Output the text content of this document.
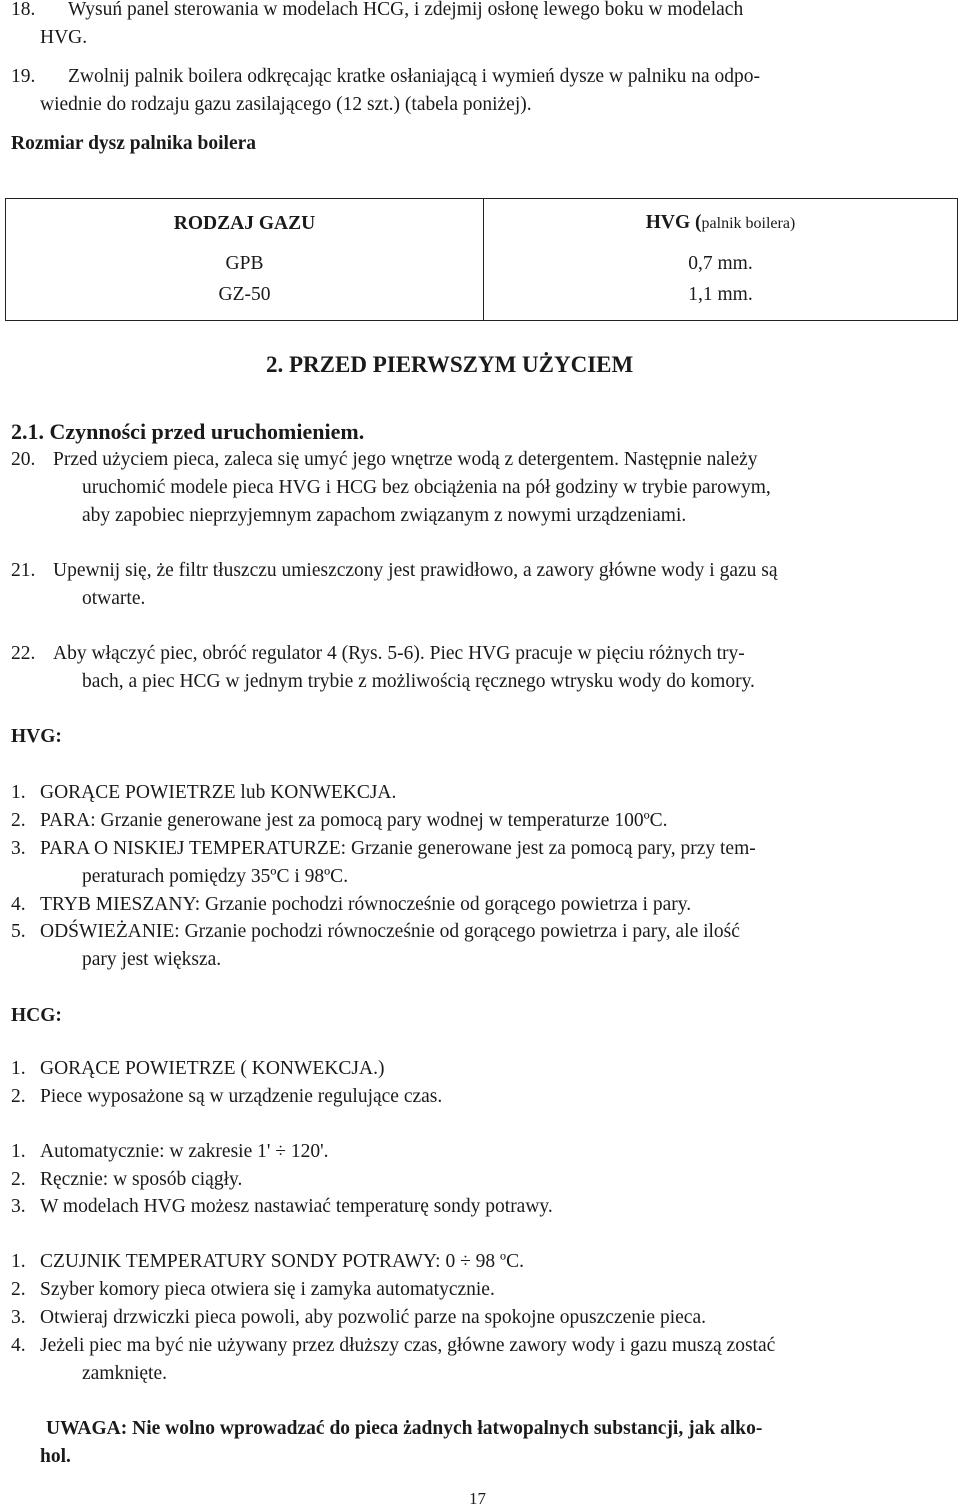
18. Wysuń panel sterowania w modelach HCG, i zdejmij osłonę lewego boku w modelach
HVG.
19. Zwolnij palnik boilera odkręcając kratke osłaniającą i wymień dysze w palniku na odpo-
wiednie do rodzaju gazu zasilającego (12 szt.) (tabela poniżej).
Rozmiar dysz palnika boilera
RODZAJ GAZU	HVG (palnik boilera)
GPB	0,7 mm.
GZ-50	1,1 mm.
2. PRZED PIERWSZYM UŻYCIEM
2.1. Czynności przed uruchomieniem.
20. Przed użyciem pieca, zaleca się umyć jego wnętrze wodą z detergentem. Następnie należy
uruchomić modele pieca HVG i HCG bez obciążenia na pół godziny w trybie parowym,
aby zapobiec nieprzyjemnym zapachom związanym z nowymi urządzeniami.
21. Upewnij się, że filtr tłuszczu umieszczony jest prawidłowo, a zawory główne wody i gazu są
otwarte.
22. Aby włączyć piec, obróć regulator 4 (Rys. 5-6). Piec HVG pracuje w pięciu różnych try-
bach, a piec HCG w jednym trybie z możliwością ręcznego wtrysku wody do komory.
HVG:
1. GORĄCE POWIETRZE lub KONWEKCJA.
2. PARA: Grzanie generowane jest za pomocą pary wodnej w temperaturze 100ºC.
3. PARA O NISKIEJ TEMPERATURZE: Grzanie generowane jest za pomocą pary, przy tem-
peraturach pomiędzy 35ºC i 98ºC.
4. TRYB MIESZANY: Grzanie pochodzi równocześnie od gorącego powietrza i pary.
5. ODŚWIEŻANIE: Grzanie pochodzi równocześnie od gorącego powietrza i pary, ale ilość
pary jest większa.
HCG:
1. GORĄCE POWIETRZE ( KONWEKCJA.)
2. Piece wyposażone są w urządzenie regulujące czas.
1. Automatycznie: w zakresie 1' ÷ 120'.
2. Ręcznie: w sposób ciągły.
3. W modelach HVG możesz nastawiać temperaturę sondy potrawy.
1. CZUJNIK TEMPERATURY SONDY POTRAWY: 0 ÷ 98 ºC.
2. Szyber komory pieca otwiera się i zamyka automatycznie.
3. Otwieraj drzwiczki pieca powoli, aby pozwolić parze na spokojne opuszczenie pieca.
4. Jeżeli piec ma być nie używany przez dłuższy czas, główne zawory wody i gazu muszą zostać
zamknięte.
UWAGA: Nie wolno wprowadzać do pieca żadnych łatwopalnych substancji, jak alko-
hol.
17
